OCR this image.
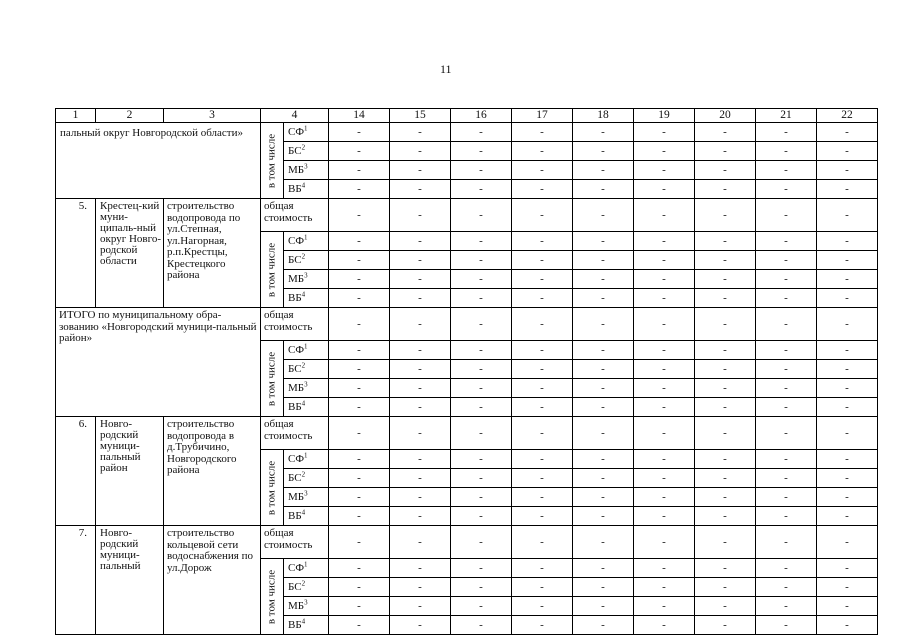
11
1	2	3	4		14	15	16	17	18	19	20	21	22
пальный округ Новгородской области»			в том числе	$СФ^1$	-	-	-	-	-	-	-	-	-
				$БС^2$	-	-	-	-	-	-	-	-	-
				$МБ^3$	-	-	-	-	-	-	-	-	-
				$ВБ^4$	-	-	-	-	-	-	-	-	-
5.	Крестец-кий муни-ципаль-ный округ Новго-родской области	строительство водопровода по ул.Степная, ул.Нагорная, р.п.Крестцы, Крестецкого района	общая стоимость		-	-	-	-	-	-	-	-	-

			в том числе	$СФ^1$	-	-	-	-	-	-	-	-	-
				$БС^2$	-	-	-	-	-	-	-	-	-
				$МБ^3$	-	-	-	-	-	-	-	-	-
				$ВБ^4$	-	-	-	-	-	-	-	-	-
ИТОГО по муниципальному обра-зованию «Новгородский муници-пальный район»			общая стоимость		-	-	-	-	-	-	-	-	-

			в том числе	$СФ^1$	-	-	-	-	-	-	-	-	-
				$БС^2$	-	-	-	-	-	-	-	-	-
				$МБ^3$	-	-	-	-	-	-	-	-	-
				$ВБ^4$	-	-	-	-	-	-	-	-	-
6.	Новго-родский муници-пальный район	строительство водопровода в д.Трубичино, Новгородского района	общая стоимость		-	-	-	-	-	-	-	-	-

			в том числе	$СФ^1$	-	-	-	-	-	-	-	-	-
				$БС^2$	-	-	-	-	-	-	-	-	-
				$МБ^3$	-	-	-	-	-	-	-	-	-
				$ВБ^4$	-	-	-	-	-	-	-	-	-
7.	Новго-родский муници-пальный	строительство кольцевой сети водоснабжения по ул.Дорож	общая стоимость		-	-	-	-	-	-	-	-	-

			в том числе	$СФ^1$	-	-	-	-	-	-	-	-	-
				$БС^2$	-	-	-	-	-	-	-	-	-
				$МБ^3$	-	-	-	-	-	-	-	-	-
				$ВБ^4$	-	-	-	-	-	-	-	-	-
